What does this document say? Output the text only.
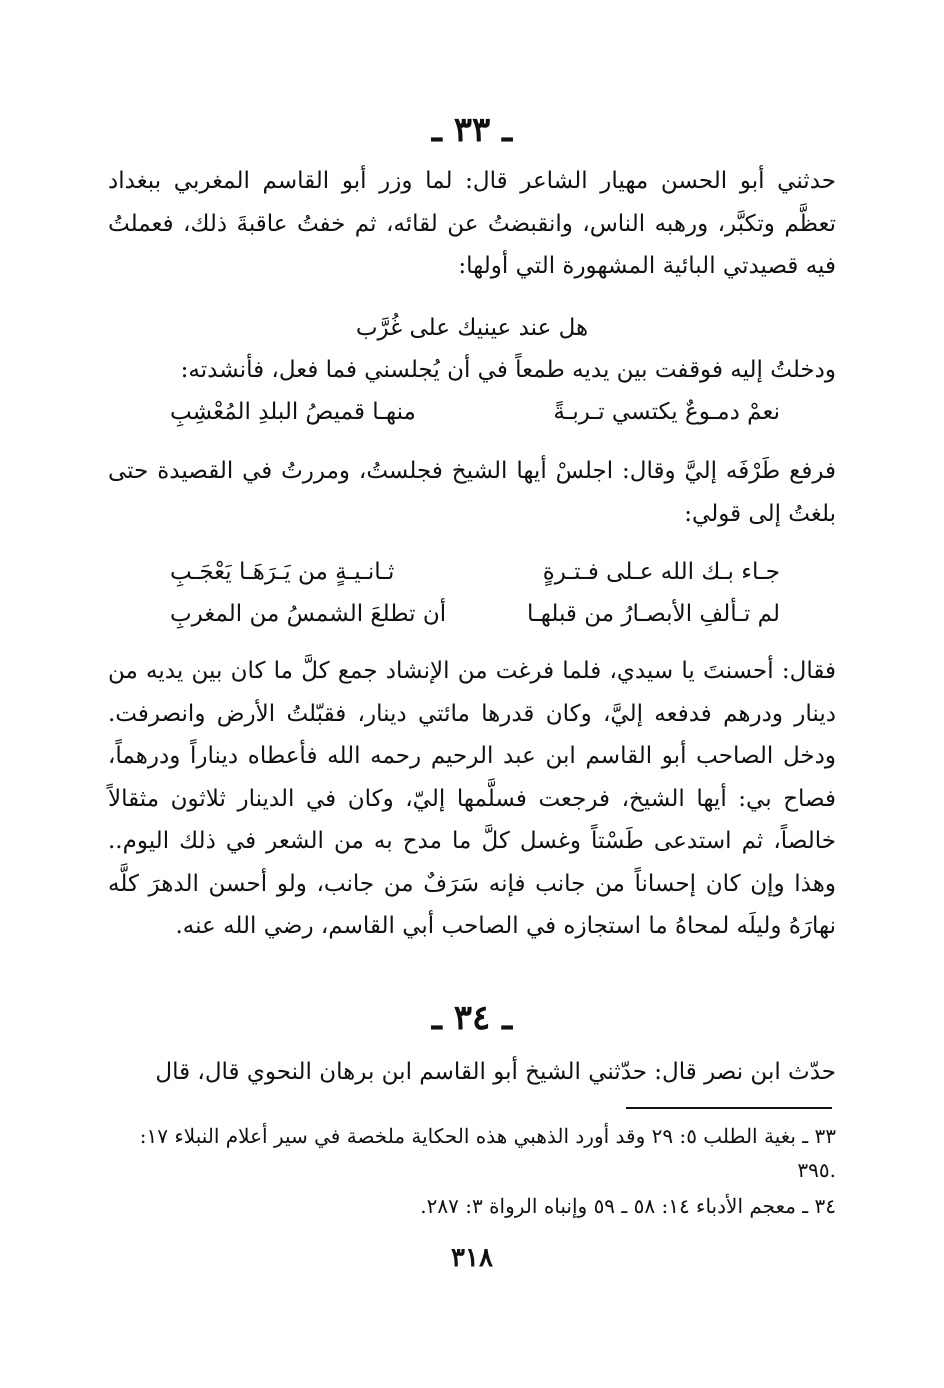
ـ ٣٣ ـ
حدثني أبو الحسن مهيار الشاعر قال: لما وزر أبو القاسم المغربي ببغداد تعظَّم وتكبَّر، ورهبه الناس، وانقبضتُ عن لقائه، ثم خفتُ عاقبةَ ذلك، فعملتُ فيه قصيدتي البائية المشهورة التي أولها:
هل عند عينيك على غُرَّب
ودخلتُ إليه فوقفت بين يديه طمعاً في أن يُجلسني فما فعل، فأنشدته:
نعمْ دمـوعٌ يكتسي تـربـةً
منهـا قميصُ البلدِ المُعْشِبِ
فرفع طَرْفَه إليَّ وقال: اجلسْ أيها الشيخ فجلستُ، ومررتُ في القصيدة حتى بلغتُ إلى قولي:
جـاء بـك الله عـلى فـتـرةٍ
ثـانـيـةٍ من يَـرَهَـا يَعْجَـبِ
لم تـألفِ الأبصـارُ من قبلهـا
أن تطلعَ الشمسُ من المغربِ
فقال: أحسنتَ يا سيدي، فلما فرغت من الإنشاد جمع كلَّ ما كان بين يديه من دينار ودرهم فدفعه إليَّ، وكان قدرها مائتي دينار، فقبّلتُ الأرض وانصرفت. ودخل الصاحب أبو القاسم ابن عبد الرحيم رحمه الله فأعطاه ديناراً ودرهماً، فصاح بي: أيها الشيخ، فرجعت فسلَّمها إليّ، وكان في الدينار ثلاثون مثقالاً خالصاً، ثم استدعى طَسْتاً وغسل كلَّ ما مدح به من الشعر في ذلك اليوم.. وهذا وإن كان إحساناً من جانب فإنه سَرَفٌ من جانب، ولو أحسن الدهرَ كلَّه نهارَهُ وليلَه لمحاهُ ما استجازه في الصاحب أبي القاسم، رضي الله عنه.
ـ ٣٤ ـ
حدّث ابن نصر قال: حدّثني الشيخ أبو القاسم ابن برهان النحوي قال، قال
٣٣ ـ بغية الطلب ٥: ٢٩ وقد أورد الذهبي هذه الحكاية ملخصة في سير أعلام النبلاء ١٧:
٣٩٥.
٣٤ ـ معجم الأدباء ١٤: ٥٨ ـ ٥٩ وإنباه الرواة ٣: ٢٨٧.
٣١٨
